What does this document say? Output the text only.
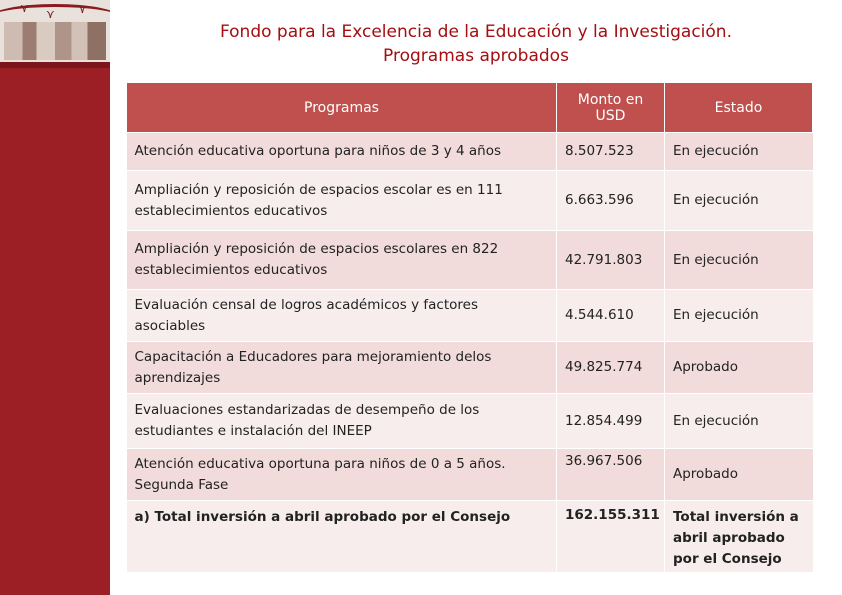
⋎ ⋎ ⋎
Fondo para la Excelencia de la Educación y la Investigación.
Programas aprobados
Programas	Monto en USD	Estado
Atención educativa oportuna para niños de 3 y 4 años	8.507.523	En ejecución
Ampliación y reposición de espacios escolar es en 111 establecimientos educativos	6.663.596	En ejecución
Ampliación y reposición de espacios escolares en 822 establecimientos educativos	42.791.803	En ejecución
Evaluación censal de logros académicos y factores asociables	4.544.610	En ejecución
Capacitación a Educadores para mejoramiento delos aprendizajes	49.825.774	Aprobado
Evaluaciones estandarizadas de desempeño de los estudiantes e instalación del INEEP	12.854.499	En ejecución
Atención educativa oportuna para niños de 0 a 5 años. Segunda Fase	36.967.506	Aprobado
a) Total inversión a abril aprobado por el Consejo	162.155.311	Total inversión a abril aprobado por el Consejo
